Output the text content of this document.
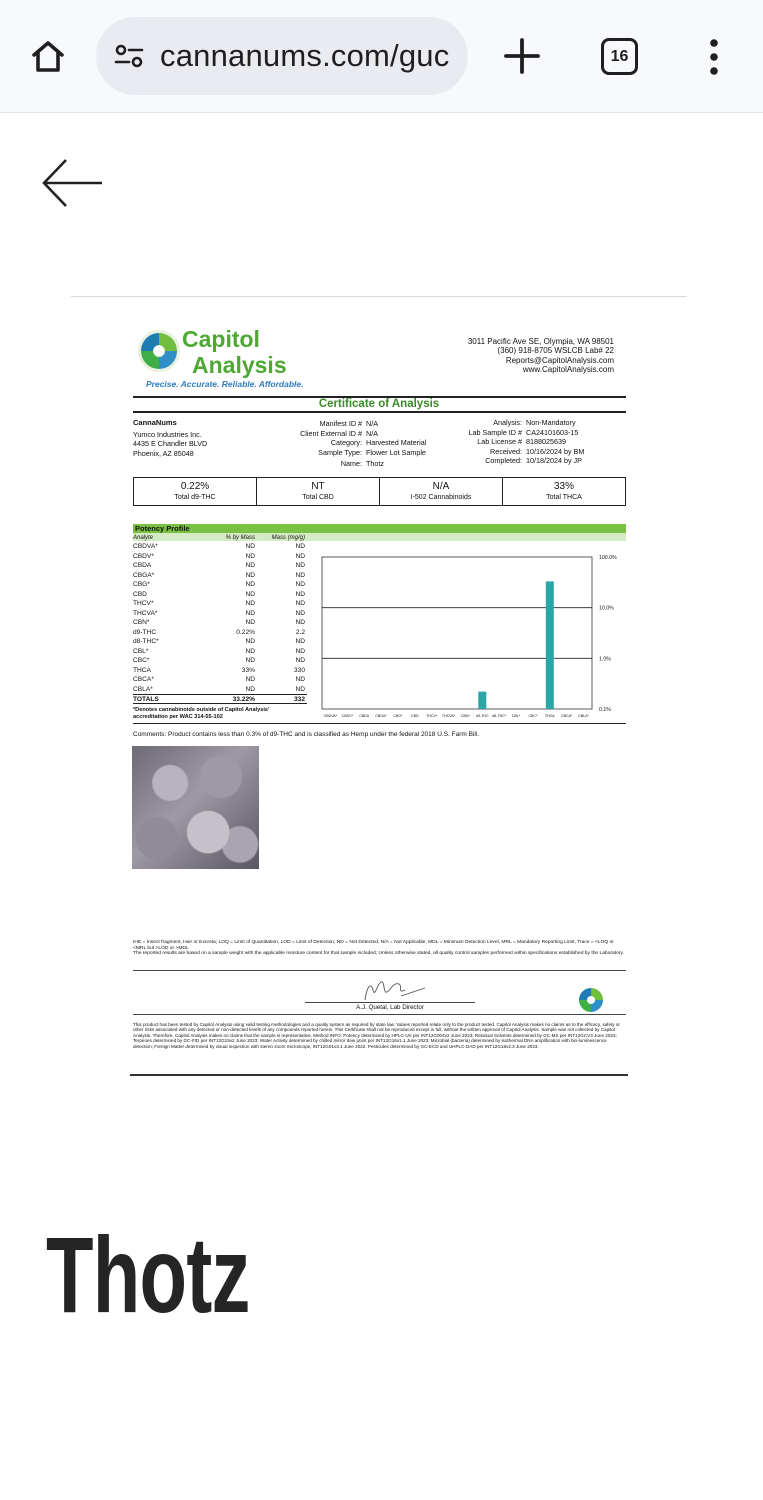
cannanums.com/guc	16
Capitol
Analysis
Precise. Accurate. Reliable. Affordable.
3011 Pacific Ave SE, Olympia, WA 98501
(360) 918-8705 WSLCB Lab# 22
Reports@CapitolAnalysis.com
www.CapitolAnalysis.com
Certificate of Analysis
CannaNums
Yumco Industries Inc.
4435 E Chandler BLVD
Phoenix, AZ 85048
Manifest ID # N/A
Client External ID # N/A
Category: Harvested Material
Sample Type: Flower Lot Sample
Name: Thotz
Analysis: Non-Mandatory
Lab Sample ID # CA24101603-15
Lab License # 8188025639
Received: 10/16/2024 by BM
Completed: 10/18/2024 by JP
0.22%
Total d9-THC
NT
Total CBD
N/A
I-502 Cannabinoids
33%
Total THCA
Potency Profile
Analyte	% by Mass	Mass (mg/g)
CBDVA*	ND	ND
CBDV*	ND	ND
CBDA	ND	ND
CBGA*	ND	ND
CBG*	ND	ND
CBD	ND	ND
THCV*	ND	ND
THCVA*	ND	ND
CBN*	ND	ND
d9-THC	0.22%	2.2
d8-THC*	ND	ND
CBL*	ND	ND
CBC*	ND	ND
THCA	33%	330
CBCA*	ND	ND
CBLA*	ND	ND
TOTALS	33.22%	332
*Denotes cannabinoids outside of Capitol Analysis' accreditation per WAC 314-55-102
100.0%
10.0%
1.0%
0.1%
CBDVA* CBDV* CBDA CBGA* CBG* CBD THCV* THCVA* CBN* d9-THC d8-THC* CBL* CBC* THCA CBCA* CBLA*
Comments: Product contains less than 0.3% of d9-THC and is classified as Hemp under the federal 2018 U.S. Farm Bill.
IHE = Insect fragment, Hair or Excreta; LOQ = Limit of Quantitation, LOD = Limit of Detection, ND = Not Detected, N/A = Not Applicable, MDL = Minimum Detection Level, MRL = Mandatory Reporting Limit, Trace = <LOQ or <MRL but >LOD or >MDL
The reported results are based on a sample weight with the applicable moisture content for that sample included; Unless otherwise stated, all quality control samples performed within specifications established by the Laboratory.
A.J. Quetal, Lab Director
This product has been tested by Capitol Analysis using valid testing methodologies and a quality system as required by state law. Values reported relate only to the product tested. Capitol Analysis makes no claims as to the efficacy, safety or other risks associated with any detected or non-detected levels of any compounds reported herein. This Certificate shall not be reproduced except in full, without the written approval of Capitol Analysis. Sample was not collected by Capitol Analysis. Therefore, Capitol Analysis makes no claims that the sample is representative. Method INFO: Potency determined by HPLC-UV per INT12G004v2 June 2023; Residual Solvents determined by GC-MS per INT12GCV3 June 2023; Terpenes determined by GC-FID per INT12G15v2 June 2023; Water Activity determined by chilled mirror dew point per INT12G16v1.1 June 2023; Microbial (bacteria) determined by isothermal DNA amplification with bio-luminescence detection; Foreign Matter determined by visual inspection with stereo zoom microscope, INT12G01v3.1 June 2022. Pesticides determined by GC-ECD and UHPLC-DAD per INT12G18v2.3 June 2023.
Thotz
